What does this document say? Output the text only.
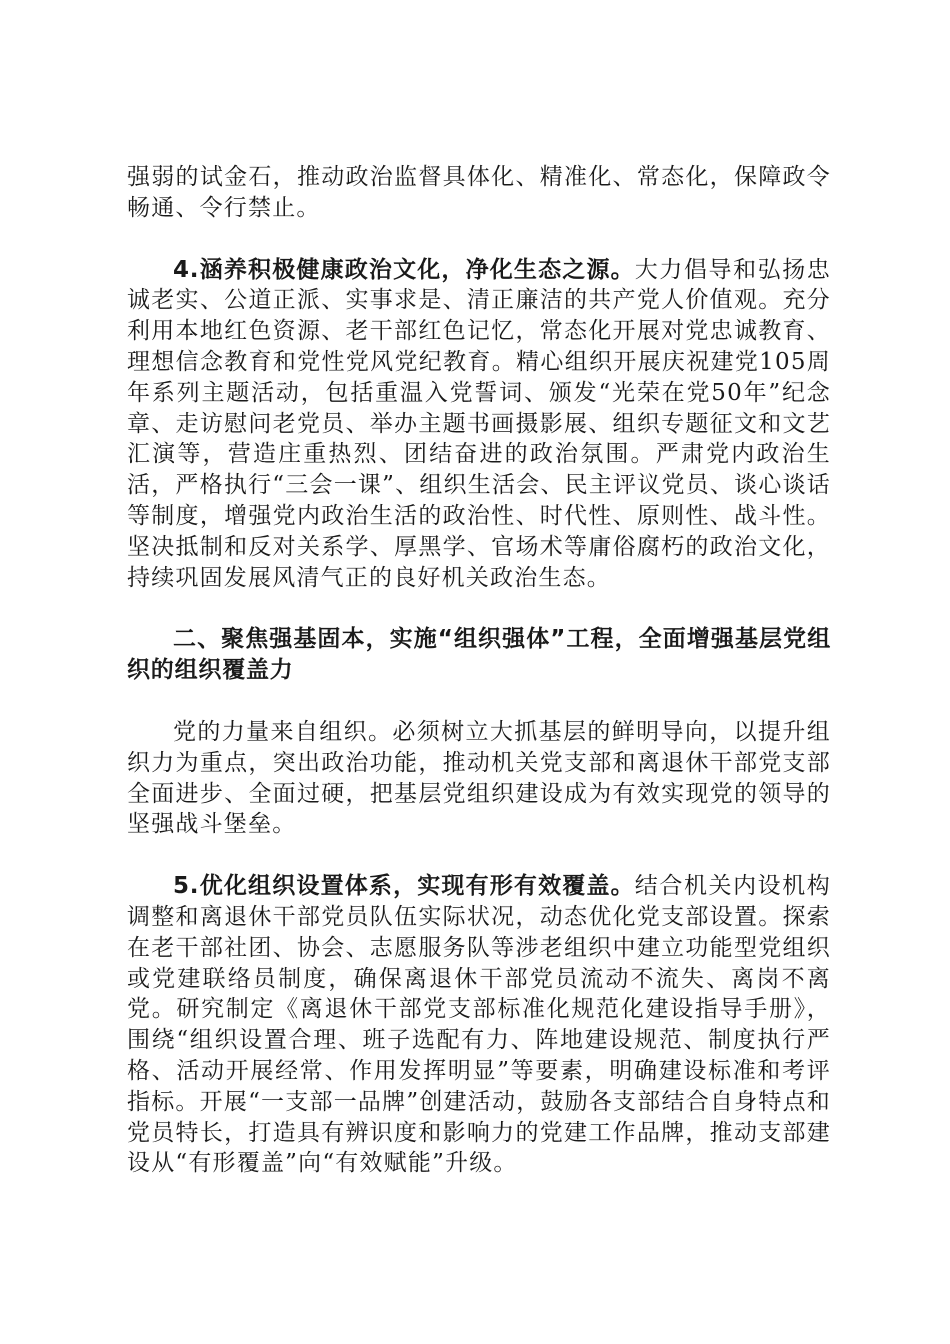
强弱的试金石，推动政治监督具体化、精准化、常态化，保障政令畅通、令行禁止。

4.涵养积极健康政治文化，净化生态之源。大力倡导和弘扬忠诚老实、公道正派、实事求是、清正廉洁的共产党人价值观。充分利用本地红色资源、老干部红色记忆，常态化开展对党忠诚教育、理想信念教育和党性党风党纪教育。精心组织开展庆祝建党105周年系列主题活动，包括重温入党誓词、颁发“光荣在党50年”纪念章、走访慰问老党员、举办主题书画摄影展、组织专题征文和文艺汇演等，营造庄重热烈、团结奋进的政治氛围。严肃党内政治生活，严格执行“三会一课”、组织生活会、民主评议党员、谈心谈话等制度，增强党内政治生活的政治性、时代性、原则性、战斗性。坚决抵制和反对关系学、厚黑学、官场术等庸俗腐朽的政治文化，持续巩固发展风清气正的良好机关政治生态。

二、聚焦强基固本，实施“组织强体”工程，全面增强基层党组织的组织覆盖力

党的力量来自组织。必须树立大抓基层的鲜明导向，以提升组织力为重点，突出政治功能，推动机关党支部和离退休干部党支部全面进步、全面过硬，把基层党组织建设成为有效实现党的领导的坚强战斗堡垒。

5.优化组织设置体系，实现有形有效覆盖。结合机关内设机构调整和离退休干部党员队伍实际状况，动态优化党支部设置。探索在老干部社团、协会、志愿服务队等涉老组织中建立功能型党组织或党建联络员制度，确保离退休干部党员流动不流失、离岗不离党。研究制定《离退休干部党支部标准化规范化建设指导手册》，围绕“组织设置合理、班子选配有力、阵地建设规范、制度执行严格、活动开展经常、作用发挥明显”等要素，明确建设标准和考评指标。开展“一支部一品牌”创建活动，鼓励各支部结合自身特点和党员特长，打造具有辨识度和影响力的党建工作品牌，推动支部建设从“有形覆盖”向“有效赋能”升级。
